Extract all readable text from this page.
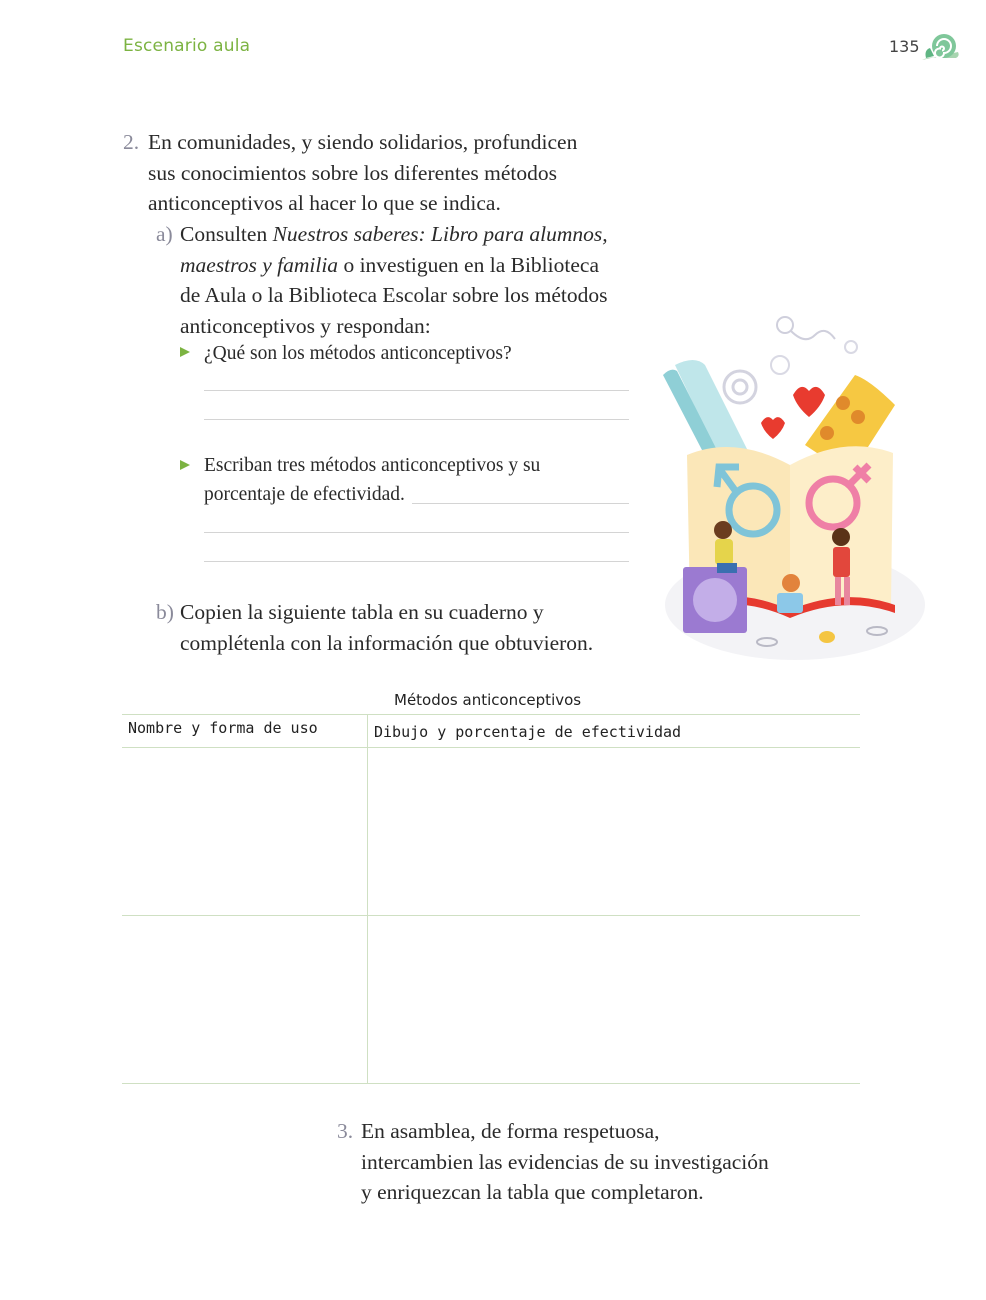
Escenario aula	135
2. En comunidades, y siendo solidarios, profundicen
sus conocimientos sobre los diferentes métodos
anticonceptivos al hacer lo que se indica.
a) Consulten Nuestros saberes: Libro para alumnos,
maestros y familia o investiguen en la Biblioteca
de Aula o la Biblioteca Escolar sobre los métodos
anticonceptivos y respondan:
¿Qué son los métodos anticonceptivos?
Escriban tres métodos anticonceptivos y su
porcentaje de efectividad.
b) Copien la siguiente tabla en su cuaderno y
complétenla con la información que obtuvieron.
Métodos anticonceptivos
Nombre y forma de uso	Dibujo y porcentaje de efectividad
3. En asamblea, de forma respetuosa,
intercambien las evidencias de su investigación
y enriquezcan la tabla que completaron.
